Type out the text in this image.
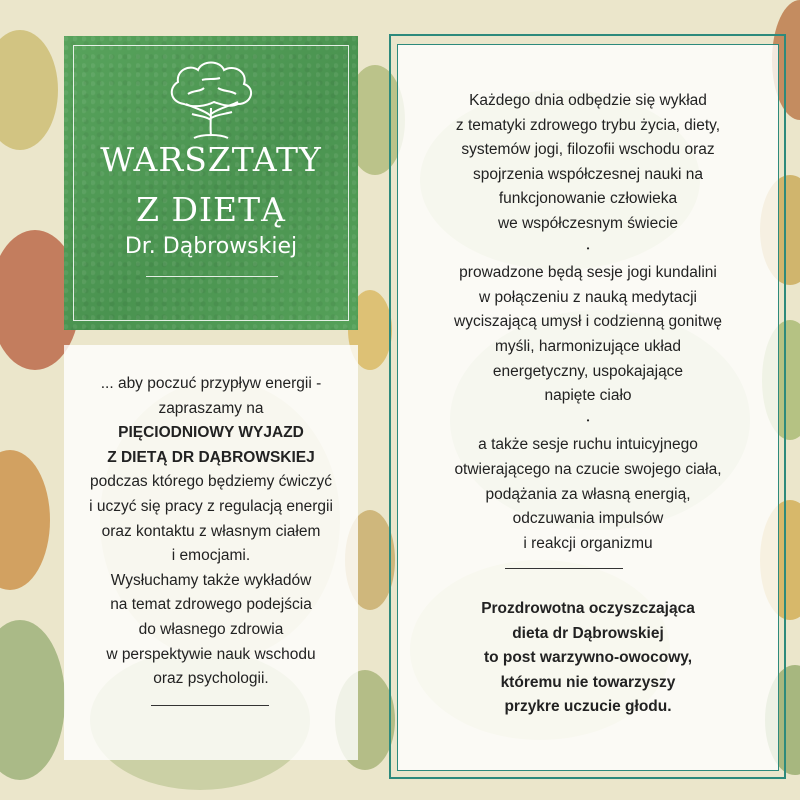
WARSZTATY
Z DIETĄ
Dr. Dąbrowskiej
... aby poczuć przypływ energii -
zapraszamy na
PIĘCIODNIOWY WYJAZD
Z DIETĄ DR DĄBROWSKIEJ
podczas którego będziemy ćwiczyć
i uczyć się pracy z regulacją energii
oraz kontaktu z własnym ciałem
i emocjami.
Wysłuchamy także wykładów
na temat zdrowego podejścia
do własnego zdrowia
w perspektywie nauk wschodu
oraz psychologii.
Każdego dnia odbędzie się wykład
z tematyki zdrowego trybu życia, diety,
systemów jogi, filozofii wschodu oraz
spojrzenia współczesnej nauki na
funkcjonowanie człowieka
we współczesnym świecie
•
prowadzone będą sesje jogi kundalini
w połączeniu z nauką medytacji
wyciszającą umysł i codzienną gonitwę
myśli, harmonizujące układ
energetyczny, uspokajające
napięte ciało
•
a także sesje ruchu intuicyjnego
otwierającego na czucie swojego ciała,
podążania za własną energią,
odczuwania impulsów
i reakcji organizmu
Prozdrowotna oczyszczająca
dieta dr Dąbrowskiej
to post warzywno-owocowy,
któremu nie towarzyszy
przykre uczucie głodu.
